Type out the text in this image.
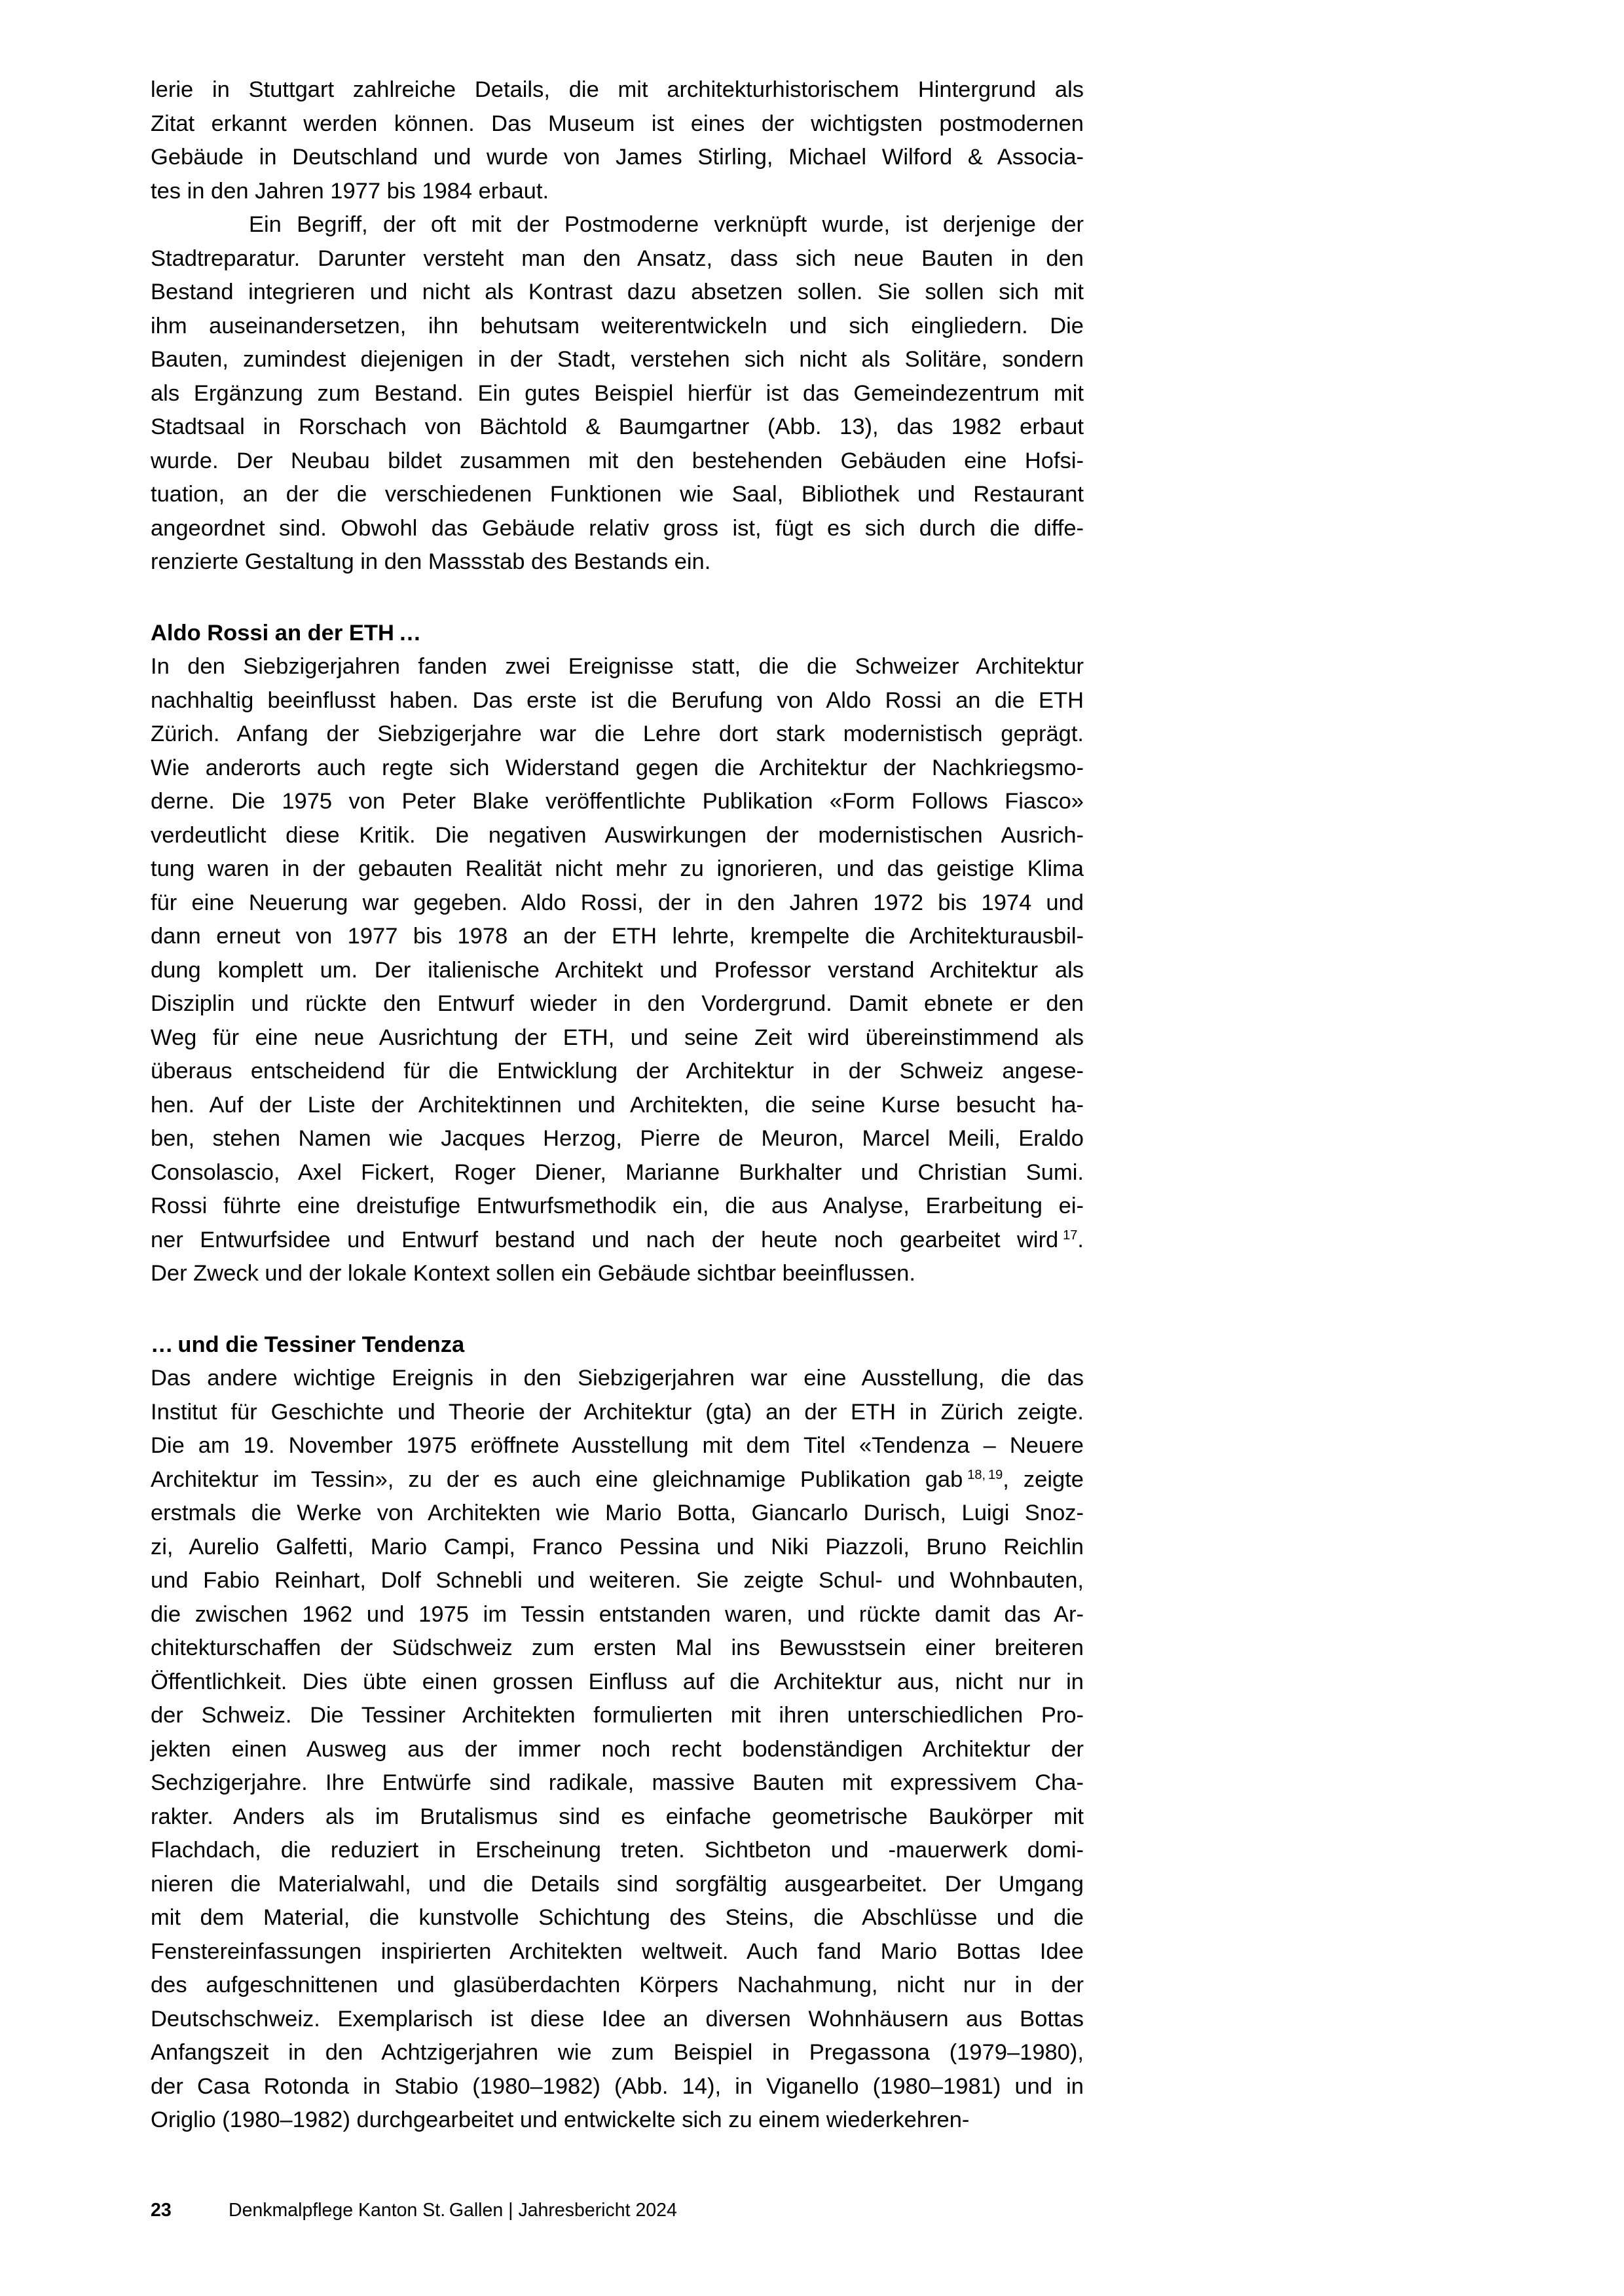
lerie in Stuttgart zahlreiche Details, die mit architekturhistorischem Hintergrund als
Zitat erkannt werden können. Das Museum ist eines der wichtigsten postmodernen
Gebäude in Deutschland und wurde von James Stirling, Michael Wilford & Associa-
tes in den Jahren 1977 bis 1984 erbaut.
Ein Begriff, der oft mit der Postmoderne verknüpft wurde, ist derjenige der
Stadtreparatur. Darunter versteht man den Ansatz, dass sich neue Bauten in den
Bestand integrieren und nicht als Kontrast dazu absetzen sollen. Sie sollen sich mit
ihm auseinandersetzen, ihn behutsam weiterentwickeln und sich eingliedern. Die
Bauten, zumindest diejenigen in der Stadt, verstehen sich nicht als Solitäre, sondern
als Ergänzung zum Bestand. Ein gutes Beispiel hierfür ist das Gemeindezentrum mit
Stadtsaal in Rorschach von Bächtold & Baumgartner (Abb. 13), das 1982 erbaut
wurde. Der Neubau bildet zusammen mit den bestehenden Gebäuden eine Hofsi-
tuation, an der die verschiedenen Funktionen wie Saal, Bibliothek und Restaurant
angeordnet sind. Obwohl das Gebäude relativ gross ist, fügt es sich durch die diffe-
renzierte Gestaltung in den Massstab des Bestands ein.
Aldo Rossi an der ETH …
In den Siebzigerjahren fanden zwei Ereignisse statt, die die Schweizer Architektur
nachhaltig beeinflusst haben. Das erste ist die Berufung von Aldo Rossi an die ETH
Zürich. Anfang der Siebzigerjahre war die Lehre dort stark modernistisch geprägt.
Wie anderorts auch regte sich Widerstand gegen die Architektur der Nachkriegsmo-
derne. Die 1975 von Peter Blake veröffentlichte Publikation «Form Follows Fiasco»
verdeutlicht diese Kritik. Die negativen Auswirkungen der modernistischen Ausrich-
tung waren in der gebauten Realität nicht mehr zu ignorieren, und das geistige Klima
für eine Neuerung war gegeben. Aldo Rossi, der in den Jahren 1972 bis 1974 und
dann erneut von 1977 bis 1978 an der ETH lehrte, krempelte die Architekturausbil-
dung komplett um. Der italienische Architekt und Professor verstand Architektur als
Disziplin und rückte den Entwurf wieder in den Vordergrund. Damit ebnete er den
Weg für eine neue Ausrichtung der ETH, und seine Zeit wird übereinstimmend als
überaus entscheidend für die Entwicklung der Architektur in der Schweiz angese-
hen. Auf der Liste der Architektinnen und Architekten, die seine Kurse besucht ha-
ben, stehen Namen wie Jacques Herzog, Pierre de Meuron, Marcel Meili, Eraldo
Consolascio, Axel Fickert, Roger Diener, Marianne Burkhalter und Christian Sumi.
Rossi führte eine dreistufige Entwurfsmethodik ein, die aus Analyse, Erarbeitung ei-
ner Entwurfsidee und Entwurf bestand und nach der heute noch gearbeitet wird $^{17}$.
Der Zweck und der lokale Kontext sollen ein Gebäude sichtbar beeinflussen.
… und die Tessiner Tendenza
Das andere wichtige Ereignis in den Siebzigerjahren war eine Ausstellung, die das
Institut für Geschichte und Theorie der Architektur (gta) an der ETH in Zürich zeigte.
Die am 19. November 1975 eröffnete Ausstellung mit dem Titel «Tendenza – Neuere
Architektur im Tessin», zu der es auch eine gleichnamige Publikation gab $^{18, 19}$, zeigte
erstmals die Werke von Architekten wie Mario Botta, Giancarlo Durisch, Luigi Snoz-
zi, Aurelio Galfetti, Mario Campi, Franco Pessina und Niki Piazzoli, Bruno Reichlin
und Fabio Reinhart, Dolf Schnebli und weiteren. Sie zeigte Schul- und Wohnbauten,
die zwischen 1962 und 1975 im Tessin entstanden waren, und rückte damit das Ar-
chitekturschaffen der Südschweiz zum ersten Mal ins Bewusstsein einer breiteren
Öffentlichkeit. Dies übte einen grossen Einfluss auf die Architektur aus, nicht nur in
der Schweiz. Die Tessiner Architekten formulierten mit ihren unterschiedlichen Pro-
jekten einen Ausweg aus der immer noch recht bodenständigen Architektur der
Sechzigerjahre. Ihre Entwürfe sind radikale, massive Bauten mit expressivem Cha-
rakter. Anders als im Brutalismus sind es einfache geometrische Baukörper mit
Flachdach, die reduziert in Erscheinung treten. Sichtbeton und -mauerwerk domi-
nieren die Materialwahl, und die Details sind sorgfältig ausgearbeitet. Der Umgang
mit dem Material, die kunstvolle Schichtung des Steins, die Abschlüsse und die
Fenstereinfassungen inspirierten Architekten weltweit. Auch fand Mario Bottas Idee
des aufgeschnittenen und glasüberdachten Körpers Nachahmung, nicht nur in der
Deutschschweiz. Exemplarisch ist diese Idee an diversen Wohnhäusern aus Bottas
Anfangszeit in den Achtzigerjahren wie zum Beispiel in Pregassona (1979–1980),
der Casa Rotonda in Stabio (1980–1982) (Abb. 14), in Viganello (1980–1981) und in
Origlio (1980–1982) durchgearbeitet und entwickelte sich zu einem wiederkehren-
23	Denkmalpflege Kanton St. Gallen | Jahresbericht 2024
